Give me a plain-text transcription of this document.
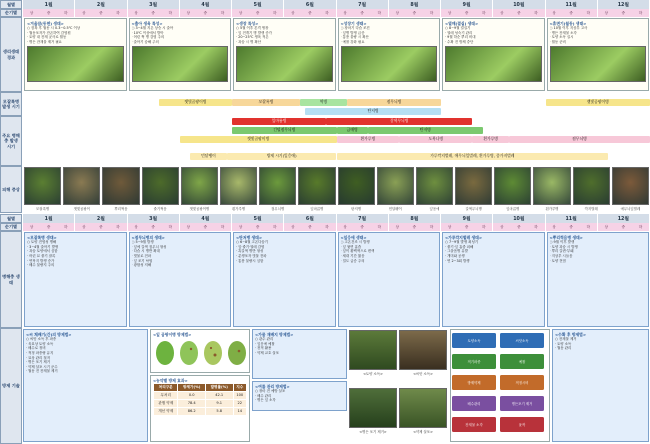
월별
순기별
1월	2월	3월	4월	5월	6월	7월	8월	9월	10월	11월	12월
상	중	하	상	중	하	상	중	하	상	중	하	상	중	하	상	중	하	상	중	하	상	중	하	상	중	하	상	중	하	상	중	하	상	중	하
생리생태 경과
<겨울잠(동면) 생태>
○ 잠복 후 월동 시 0.3~0.5℃ 이상
· 월동포자가 잔존하여 감염원
· 토양 내 잔재 균사로 월동
· 병든 잔재물 제거 필요
<출아 생육 특성>
○ 3~4월 지온 상승 시 출아
· 10℃ 이상에서 발아
· 어린 싹 병 감염 주의
· 출아기 습해 주의
<생장 특성>
○ 5월 이후 본격 생장
· 잎 전개기 병 발생 증가
· 20~25℃ 생육 적온
· 과습 시 병 확산
<성장기 생태>
○ 장마기 다습 조건
· 잎병 발생 급증
· 통풍 불량 시 확산
· 예찰 강화 필요
<열매(결실) 생태>
○ 8~9월 결실기
· 열매 성숙기 관리
· 9월 하순 뿌리 비대
· 수확 전 방제 중단
<휴면기(월동) 생태>
○ 10월 이후 지상부 고사
· 병든 잔재물 소각
· 토양 소독 실시
· 월동 준비
모잘록병 발생 시기
주요 병해충 발생 시기
잿빛곰팡이병	모잘록병	역병	점무늬병
탄저병
잿빛곰팡이병
잎마름병	갈색무늬병
긴털점무늬병	금매병	탄저병
잿빛곰팡이병	흰가루병	도복나병	흰가루병	점무늬병
민달팽이	방제 시기(잎응애)	가루깍지벌레, 애무늬잎벌레, 흰가루병, 종가지벌레
피해 증상
모잘록병	잿빛곰팡이	뿌리썩음	줄기썩음	잿빛곰팡이병	흰가루병	점무늬병	잎마름병	탄저병	민달팽이	잎응애	갈색무늬병	잎마름병	흰가루병	깍지벌레	애무늬잎벌레
월별
순기별
1월	2월	3월	4월	5월	6월	7월	8월	9월	10월	11월	12월
상	중	하	상	중	하	상	중	하	상	중	하	상	중	하	상	중	하	상	중	하	상	중	하	상	중	하	상	중	하	상	중	하	상	중	하
병해충 생태
<모잘록병 생태>
○ 토양 전염성 병해
· 3~4월 출아기 발생
· 과습 토양에서 심함
· 어린 묘 줄기 잘록
· 연작지 발생 증가
· 배수 불량지 주의
<점무늬병의 생태>
○ 5~9월 발생
· 잎에 갈색 점무늬 형성
· 다습 시 병반 확대
· 빗물로 전파
· 잎 조기 낙엽
· 광합성 저해
<탄저병 생태>
○ 6~8월 고온다습기
· 잎·줄기·열매 감염
· 흑갈색 병반 형성
· 분생포자 빗물 전파
· 통풍 불량시 심함
<잎응애 생태>
○ 고온건조 시 발생
· 잎 뒷면 흡즙
· 잎이 황백색으로 변색
· 세대 기간 짧음
· 밀도 급증 주의
<가루깍지벌레 생태>
○ 7~9월 발생 최성기
· 줄기·잎 흡즙 피해
· 그을음병 유발
· 개미와 공생
· 연 2~3회 발생
<뿌리썩음병 생태>
○ 9월 이후 발생
· 토양 과습 시 발생
· 뿌리 갈변·부패
· 지상부 시들음
· 토양 전염
방제 기술
<씨 채배기(간)의 방제법>
○ 씨앗 소독 후 파종
· 육묘상 토양 소독
· 배수로 정비
· 적정 파종량 유지
· 묘상 관리 철저
· 병든 포기 제거
· 약제 살포 시기 준수
· 월동 전 잔재물 제거
<잎 곰팡이병 방제법>
<농약별 방제 효과>
처리구분	방제가(%)	발병률(%)	지수
무처리	0.0	42.1	100
관행 약제	78.4	9.1	22
개선 약제	86.2	5.8	14
<가뭄 재배지 방제법>
○ 관수 관리
· 잎응애 예찰
· 천적 활용
· 약제 교호 살포
<여름 관리 방제법>
○ 장마 전 예방 살포
· 배수 관리
· 병든 잎 소각
<토양 소독>	<씨앗 소독>
<병든 포기 제거>	<약제 살포>
<수확 후 방제법>
○ 잔재물 제거
· 토양 소독
· 월동 관리
토양소독	씨앗소독
적기파종	예찰
방제약제	적정시비
배수관리	병든포기 제거
잔재물 소각	윤작
